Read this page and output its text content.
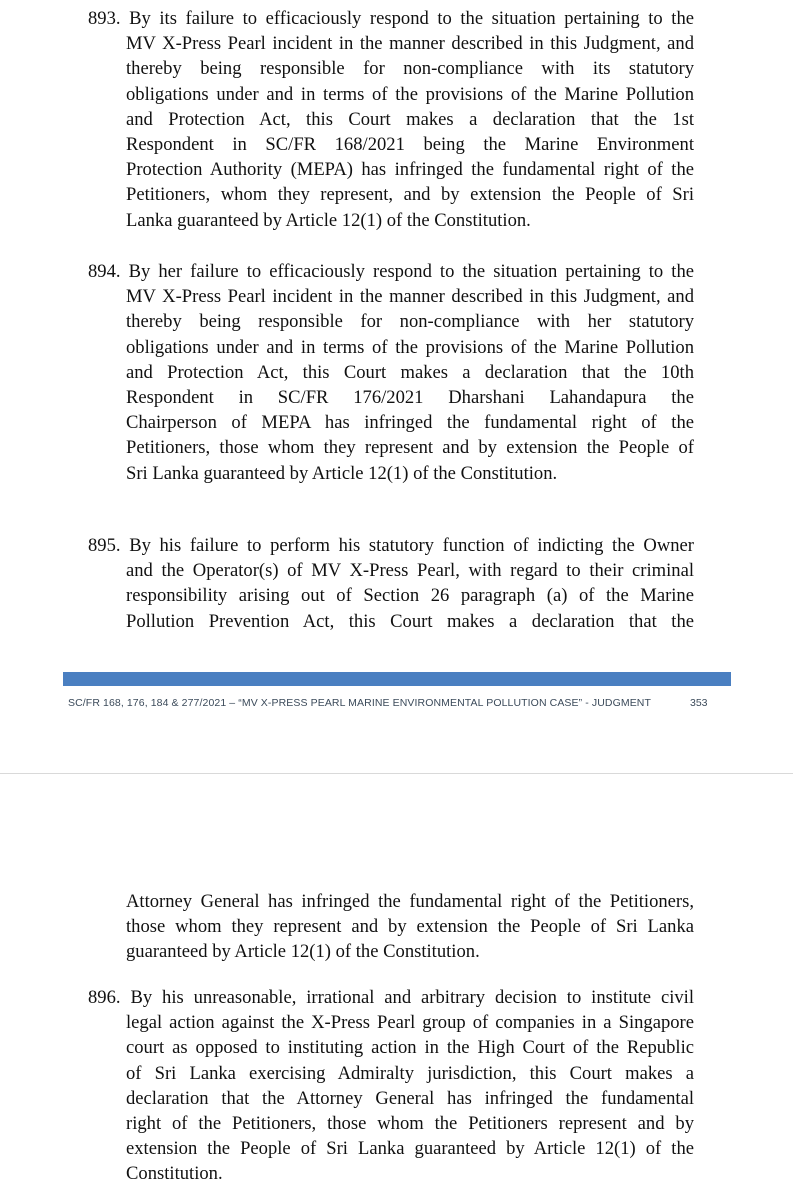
893. By its failure to efficaciously respond to the situation pertaining to the
MV X-Press Pearl incident in the manner described in this Judgment, and
thereby being responsible for non-compliance with its statutory
obligations under and in terms of the provisions of the Marine Pollution
and Protection Act, this Court makes a declaration that the 1st
Respondent in SC/FR 168/2021 being the Marine Environment
Protection Authority (MEPA) has infringed the fundamental right of the
Petitioners, whom they represent, and by extension the People of Sri
Lanka guaranteed by Article 12(1) of the Constitution.
894. By her failure to efficaciously respond to the situation pertaining to the
MV X-Press Pearl incident in the manner described in this Judgment, and
thereby being responsible for non-compliance with her statutory
obligations under and in terms of the provisions of the Marine Pollution
and Protection Act, this Court makes a declaration that the 10th
Respondent in SC/FR 176/2021 Dharshani Lahandapura the
Chairperson of MEPA has infringed the fundamental right of the
Petitioners, those whom they represent and by extension the People of
Sri Lanka guaranteed by Article 12(1) of the Constitution.
895. By his failure to perform his statutory function of indicting the Owner
and the Operator(s) of MV X-Press Pearl, with regard to their criminal
responsibility arising out of Section 26 paragraph (a) of the Marine
Pollution Prevention Act, this Court makes a declaration that the
SC/FR 168, 176, 184 & 277/2021 – “MV X-PRESS PEARL MARINE ENVIRONMENTAL POLLUTION CASE” - JUDGMENT	353
Attorney General has infringed the fundamental right of the Petitioners,
those whom they represent and by extension the People of Sri Lanka
guaranteed by Article 12(1) of the Constitution.
896. By his unreasonable, irrational and arbitrary decision to institute civil
legal action against the X-Press Pearl group of companies in a Singapore
court as opposed to instituting action in the High Court of the Republic
of Sri Lanka exercising Admiralty jurisdiction, this Court makes a
declaration that the Attorney General has infringed the fundamental
right of the Petitioners, those whom the Petitioners represent and by
extension the People of Sri Lanka guaranteed by Article 12(1) of the
Constitution.
